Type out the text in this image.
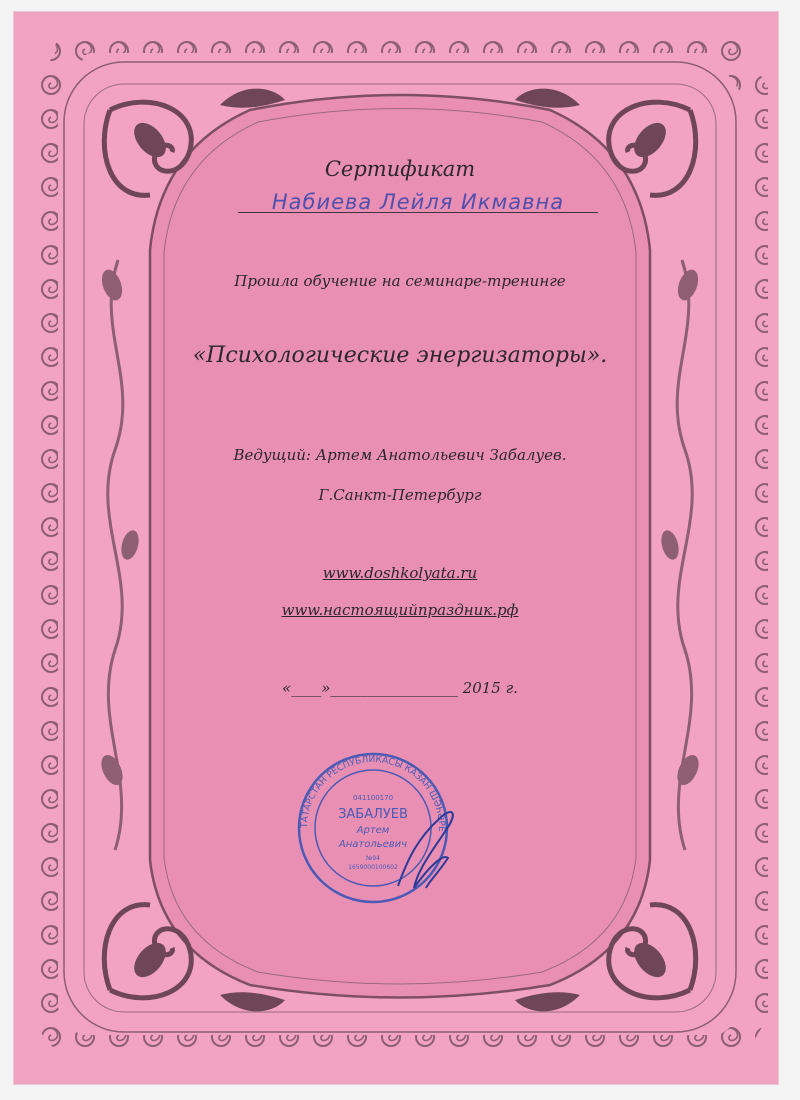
Сертификат
Набиева Лейля Икмавна
Прошла обучение на семинаре-тренинге
«Психологические энергизаторы».
Ведущий: Артем Анатольевич Забалуев.
Г.Санкт-Петербург
www.doshkolyata.ru
www.настоящийпраздник.рф
«____»_________________ 2015 г.
ТАТАРСТАН РЕСПУБЛИКАСЫ КАЗАН ШӘҺӘРЕ
041100170
ЗАБАЛУЕВ
Артем
Анатольевич
№94
1659000100602
